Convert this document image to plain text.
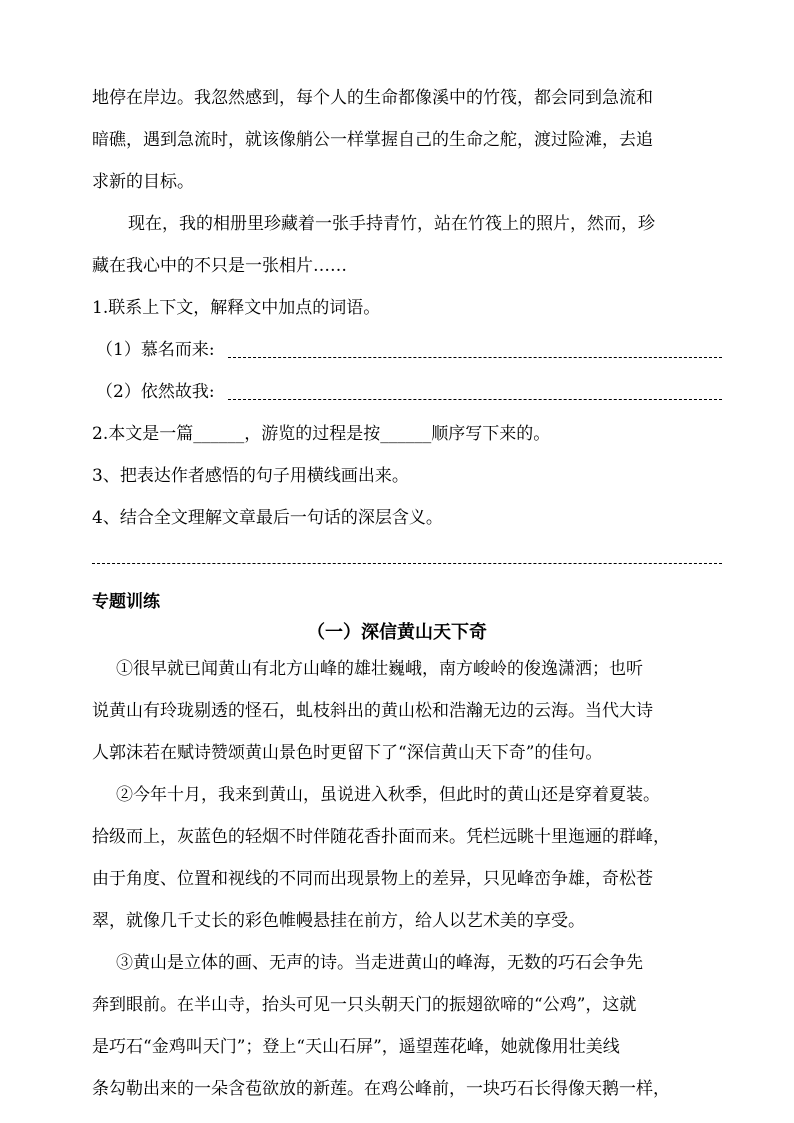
地停在岸边。我忽然感到，每个人的生命都像溪中的竹筏，都会同到急流和
暗礁，遇到急流时，就该像艄公一样掌握自己的生命之舵，渡过险滩，去追
求新的目标。
现在，我的相册里珍藏着一张手持青竹，站在竹筏上的照片，然而，珍
藏在我心中的不只是一张相片……
1.联系上下文，解释文中加点的词语。
（1）慕名而来:
（2）依然故我:
2.本文是一篇______，游览的过程是按______顺序写下来的。
3、把表达作者感悟的句子用横线画出来。
4、结合全文理解文章最后一句话的深层含义。
专题训练
（一）深信黄山天下奇
①很早就已闻黄山有北方山峰的雄壮巍峨，南方峻岭的俊逸潇洒；也听
说黄山有玲珑剔透的怪石，虬枝斜出的黄山松和浩瀚无边的云海。当代大诗
人郭沫若在赋诗赞颂黄山景色时更留下了“深信黄山天下奇”的佳句。
②今年十月，我来到黄山，虽说进入秋季，但此时的黄山还是穿着夏装。
拾级而上，灰蓝色的轻烟不时伴随花香扑面而来。凭栏远眺十里迤逦的群峰，
由于角度、位置和视线的不同而出现景物上的差异，只见峰峦争雄，奇松苍
翠，就像几千丈长的彩色帷幔悬挂在前方，给人以艺术美的享受。
③黄山是立体的画、无声的诗。当走进黄山的峰海，无数的巧石会争先
奔到眼前。在半山寺，抬头可见一只头朝天门的振翅欲啼的“公鸡”，这就
是巧石“金鸡叫天门”；登上“天山石屏”，遥望莲花峰，她就像用壮美线
条勾勒出来的一朵含苞欲放的新莲。在鸡公峰前，一块巧石长得像天鹅一样，
